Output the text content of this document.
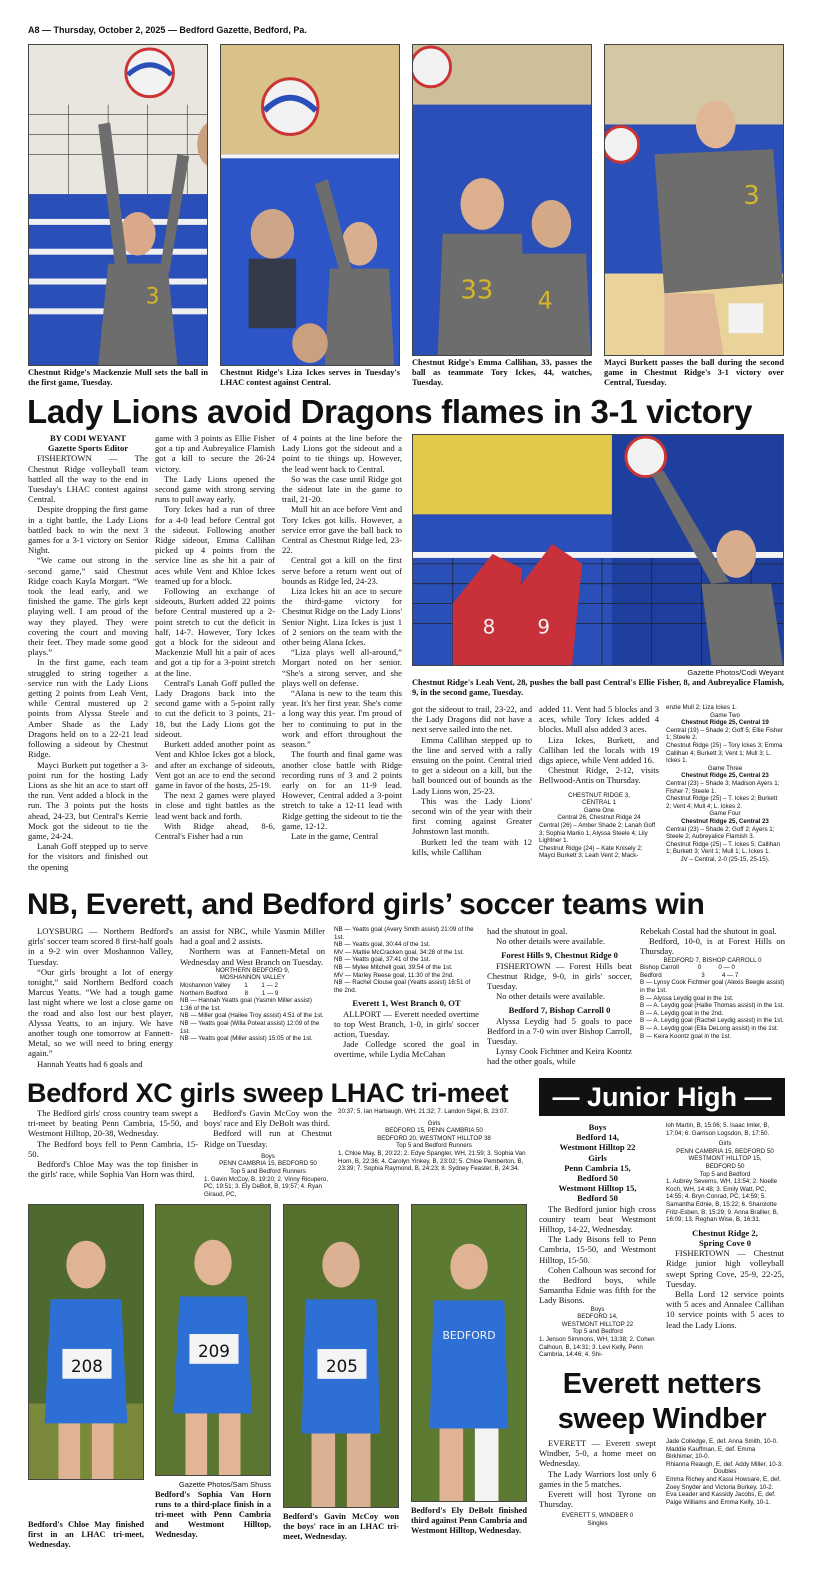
A8 — Thursday, October 2, 2025 — Bedford Gazette, Bedford, Pa.
3	33 4
3
Chestnut Ridge's Mackenzie Mull sets the ball in the first game, Tuesday.
Chestnut Ridge's Liza Ickes serves in Tuesday's LHAC contest against Central.
Chestnut Ridge's Emma Callihan, 33, passes the ball as teammate Tory Ickes, 44, watches, Tuesday.
Mayci Burkett passes the ball during the second game in Chestnut Ridge's 3-1 victory over Central, Tuesday.
Lady Lions avoid Dragons flames in 3-1 victory

BY CODI WEYANT

Gazette Sports Editor

FISHERTOWN — The Chestnut Ridge volleyball team battled all the way to the end in Tuesday's LHAC contest against Central.

Despite dropping the first game in a tight battle, the Lady Lions battled back to win the next 3 games for a 3-1 victory on Senior Night.

“We came out strong in the second game,” said Chestnut Ridge coach Kayla Morgart. “We took the lead early, and we finished the game. The girls kept playing well. I am proud of the way they played. They were covering the court and moving their feet. They made some good plays.”

In the first game, each team struggled to string together a service run with the Lady Lions getting 2 points from Leah Vent, while Central mustered up 2 points from Alyssa Steele and Amber Shade as the Lady Dragons held on to a 22-21 lead following a sideout by Chestnut Ridge.

Mayci Burkett put together a 3-point run for the hosting Lady Lions as she hit an ace to start off the run. Vent added a block in the run. The 3 points put the hosts ahead, 24-23, but Central's Kerrie Mock got the sideout to tie the game, 24-24.

Lanah Goff stepped up to serve for the visitors and finished out the opening

game with 3 points as Ellie Fisher got a tip and Aubreyalice Flamish got a kill to secure the 26-24 victory.

The Lady Lions opened the second game with strong serving runs to pull away early.

Tory Ickes had a run of three for a 4-0 lead before Central got the sideout. Following another Ridge sideout, Emma Callihan picked up 4 points from the service line as she hit a pair of aces while Vent and Khloe Ickes teamed up for a block.

Following an exchange of sideouts, Burkett added 22 points before Central mustered up a 2-point stretch to cut the deficit in half, 14-7. However, Tory Ickes got a block for the sideout and Mackenzie Mull hit a pair of aces and got a tip for a 3-point stretch at the line.

Central's Lanah Goff pulled the Lady Dragons back into the second game with a 5-point rally to cut the deficit to 3 points, 21-18, but the Lady Lions got the sideout.

Burkett added another point as Vent and Khloe Ickes got a block, and after an exchange of sideouts, Vent got an ace to end the second game in favor of the hosts, 25-19.

The next 2 games were played in close and tight battles as the lead went back and forth.

With Ridge ahead, 8-6, Central's Fisher had a run

of 4 points at the line before the Lady Lions got the sideout and a point to tie things up. However, the lead went back to Central.

So was the case until Ridge got the sideout late in the game to trail, 21-20.

Mull hit an ace before Vent and Tory Ickes got kills. However, a service error gave the ball back to Central as Chestnut Ridge led, 23-22.

Central got a kill on the first serve before a return went out of bounds as Ridge led, 24-23.

Liza Ickes hit an ace to secure the third-game victory for Chestnut Ridge on the Lady Lions' Senior Night. Liza Ickes is just 1 of 2 seniors on the team with the other being Alana Ickes.

“Liza plays well all-around,” Morgart noted on her senior. “She's a strong server, and she plays well on defense.

“Alana is new to the team this year. It's her first year. She's come a long way this year. I'm proud of her to continuing to put in the work and effort throughout the season.”

The fourth and final game was another close battle with Ridge recording runs of 3 and 2 points early on for an 11-9 lead. However, Central added a 3-point stretch to take a 12-11 lead with Ridge getting the sideout to tie the game, 12-12.

Late in the game, Central

8 9
Gazette Photos/Codi Weyant
Chestnut Ridge's Leah Vent, 28, pushes the ball past Central's Ellie Fisher, 8, and Aubreyalice Flamish, 9, in the second game, Tuesday.

got the sideout to trail, 23-22, and the Lady Dragons did not have a next serve sailed into the net.

Emma Callihan stepped up to the line and served with a rally ensuing on the point. Central tried to get a sideout on a kill, but the ball bounced out of bounds as the Lady Lions won, 25-23.

This was the Lady Lions' second win of the year with their first coming against Greater Johnstown last month.

Burkett led the team with 12 kills, while Callihan

added 11. Vent had 5 blocks and 3 aces, while Tory Ickes added 4 blocks. Mull also added 3 aces.

Liza Ickes, Burkett, and Callihan led the locals with 19 digs apiece, while Vent added 16.

Chestnut Ridge, 2-12, visits Bellwood-Antis on Thursday.

CHESTNUT RIDGE 3,

CENTRAL 1

Game One

Central 26, Chestnut Ridge 24

Central (26) – Amber Shade 2; Lanah Goff 3; Sophia Marko 1; Alyssa Steele 4; Lily Lightner 1.

Chestnut Ridge (24) – Kate Knisely 2; Mayci Burkett 3; Leah Vent 2; Mack-

enzie Mull 2; Liza Ickes 1.

Game Two

Chestnut Ridge 25, Central 19

Central (19) – Shade 2; Goff 5; Ellie Fisher 1; Steele 2.

Chestnut Ridge (25) – Tory Ickes 3; Emma Callihan 4; Burkett 3; Vent 1; Mull 3; L. Ickes 1.

Game Three

Chestnut Ridge 25, Central 23

Central (23) – Shade 3; Madison Ayers 1; Fisher 7; Steele 1.

Chestnut Ridge (25) – T. Ickes 2; Burkett 2; Vent 4; Mull 4; L. Ickes 2.

Game Four

Chestnut Ridge 25, Central 23

Central (23) – Shade 2; Goff 2; Ayers 1; Steele 2; Aubreyalice Flamish 3.

Chestnut Ridge (25) – T. Ickes 5; Callihan 1; Burkett 3; Vent 1; Mull 1; L. Ickes 1.

JV – Central, 2-0 (25-15, 25-15).

NB, Everett, and Bedford girls’ soccer teams win

LOYSBURG — Northern Bedford's girls' soccer team scored 8 first-half goals in a 9-2 win over Moshannon Valley, Tuesday.

“Our girls brought a lot of energy tonight,” said Northern Bedford coach Marcus Yeatts. “We had a tough game last night where we lost a close game on the road and also lost our best player, Alyssa Yeatts, to an injury. We have another tough one tomorrow at Fannett-Metal, so we will need to bring energy again.”

Hannah Yeatts had 6 goals and

an assist for NBC, while Yasmin Miller had a goal and 2 assists.

Northern was at Fannett-Metal on Wednesday and West Branch on Tuesday.

NORTHERN BEDFORD 9,

MOSHANNON VALLEY

Moshannon Valley        1        1 — 2

Northern Bedford          8        1 — 9

NB — Hannah Yeatts goal (Yasmin Miller assist) 1:36 of the 1st.

NB — Miller goal (Hailee Troy assist) 4:51 of the 1st.

NB — Yeatts goal (Willa Poteat assist) 12:09 of the 1st.

NB — Yeatts goal (Miller assist) 15:05 of the 1st.

NB — Yeatts goal (Avery Smith assist) 21:09 of the 1st.

NB — Yeatts goal, 30:44 of the 1st.

MV — Mattie McCracken goal, 34:28 of the 1st.

NB — Yeatts goal, 37:41 of the 1st.

NB — Mylee Mitchell goal, 39:54 of the 1st.

MV — Marley Reese goal, 11:30 of the 2nd.

NB — Rachel Clouse goal (Yeatts assist) 16:51 of the 2nd.

Everett 1, West Branch 0, OT

ALLPORT — Everett needed overtime to top West Branch, 1-0, in girls' soccer action, Tuesday.

Jade Colledge scored the goal in overtime, while Lydia McCahan

had the shutout in goal.

No other details were available.

Forest Hills 9, Chestnut Ridge 0

FISHERTOWN — Forest Hills beat Chestnut Ridge, 9-0, in girls' soccer, Tuesday.

No other details were available.

Bedford 7, Bishop Carroll 0

Alyssa Leydig had 5 goals to pace Bedford in a 7-0 win over Bishop Carroll, Tuesday.

Lynsy Cook Fichtner and Keira Koontz had the other goals, while

Rebekah Costal had the shutout in goal.

Bedford, 10-0, is at Forest Hills on Thursday.

BEDFORD 7, BISHOP CARROLL 0

Bishop Carroll           0          0 — 0

Bedford                       3          4 — 7

B — Lynsy Cook Fichtner goal (Alexis Beegle assist) in the 1st.

B — Alyssa Leydig goal in the 1st.

B — A. Leydig goal (Hallie Thomas assist) in the 1st.

B — A. Leydig goal in the 2nd.

B — A. Leydig goal (Rachel Leydig assist) in the 1st.

B — A. Leydig goal (Ella DeLong assist) in the 1st.

B — Keira Koontz goal in the 1st.

Bedford XC girls sweep LHAC tri-meet

The Bedford girls' cross country team swept a tri-meet by beating Penn Cambria, 15-50, and Westmont Hilltop, 20-38, Wednesday.

The Bedford boys fell to Penn Cambria, 15-50.

Bedford's Chloe May was the top finisher in the girls' race, while Sophia Van Horn was third.

Bedford's Gavin McCoy won the boys' race and Ely DeBolt was third.

Bedford will run at Chestnut Ridge on Tuesday.

Boys

PENN CAMBRIA 15, BEDFORD 50

Top 5 and Bedford Runners

1. Gavin McCoy, B, 19:20; 2. Vinny Ricupero, PC, 19:51; 3. Ely DeBolt, B, 19:57; 4. Ryan Giraud, PC,

20:37; 5. Ian Harbaugh, WH, 21:32; 7. Landon Sigel, B, 23:07.

Girls

BEDFORD 15, PENN CAMBRIA 50

BEDFORD 20, WESTMONT HILLTOP 38

Top 5 and Bedford Runners

1. Chloe May, B, 20:22; 2. Edye Spangler, WH, 21:59; 3. Sophia Van Horn, B, 22:36; 4. Carolyn Yinkey, B, 23:02; 5. Chloe Pemberton, B, 23:39; 7. Sophia Raymond, B, 24:23; 8. Sydney Feaster, B, 24:34.

208
209
205
BEDFORD
Gazette Photos/Sam Shuss
Bedford's Chloe May finished first in an LHAC tri-meet, Wednesday.
Bedford's Sophia Van Horn runs to a third-place finish in a tri-meet with Penn Cambria and Westmont Hilltop, Wednesday.
Bedford's Gavin McCoy won the boys' race in an LHAC tri-meet, Wednesday.
Bedford's Ely DeBolt finished third against Penn Cambria and Westmont Hilltop, Wednesday.
— Junior High —

Boys

Bedford 14,

Westmont Hilltop 22

Girls

Penn Cambria 15,

Bedford 50

Westmont Hilltop 15,

Bedford 50

The Bedford junior high cross country team beat Westmont Hilltop, 14-22, Wednesday.

The Lady Bisons fell to Penn Cambria, 15-50, and Westmont Hilltop, 15-50.

Cohen Calhoun was second for the Bedford boys, while Samantha Ednie was fifth for the Lady Bisons.

Boys

BEDFORD 14,

WESTMONT HILLTOP 22

Top 5 and Bedford

1. Jenson Simmons, WH, 13:38; 2. Cohen Calhoun, B, 14:31; 3. Levi Kelly, Penn Cambria, 14:46; 4. Shi-

loh Martin, B, 15:06; 5. Isaac Imler, B, 17:04; 6. Garrison Logsdon, B, 17:50.

Girls

PENN CAMBRIA 15, BEDFORD 50

WESTMONT HILLTOP 15,

BEDFORD 50

Top 5 and Bedford

1. Aubrey Severns, WH, 13:54; 2. Noelle Koch, WH, 14:48; 3. Emily Watt, PC, 14:55; 4. Bryn Conrad, PC, 14:59; 5. Samantha Ednie, B, 15:22; 6. Sharolotte Fritz-Esben, B, 15:29; 9. Anna Brallier, B, 16:09; 13. Reghan Wise, B, 16:31.

Chestnut Ridge 2,

Spring Cove 0

FISHERTOWN — Chestnut Ridge junior high volleyball swept Spring Cove, 25-9, 22-25, Tuesday.

Bella Lord 12 service points with 5 aces and Annalee Callihan 10 service points with 5 aces to lead the Lady Lions.

Everett netters
sweep Windber

EVERETT — Everett swept Windber, 5-0, a home meet on Wednesday.

The Lady Warriors lost only 6 games in the 5 matches.

Everett will host Tyrone on Thursday.

EVERETT 5, WINDBER 0

Singles

Jade Colledge, E, def. Anna Smith, 10-0.

Maddie Kauffman, E, def. Emma Birkhimer, 10-0.

Rhianna Reaugh, E, def. Addy Miller, 10-3.

Doubles

Emma Richey and Kassi Howsare, E, def. Zoey Snyder and Victoria Burkey, 10-2.

Eva Leader and Kassidy Jacobs, E, def. Paige Williams and Emma Kelly, 10-1.
